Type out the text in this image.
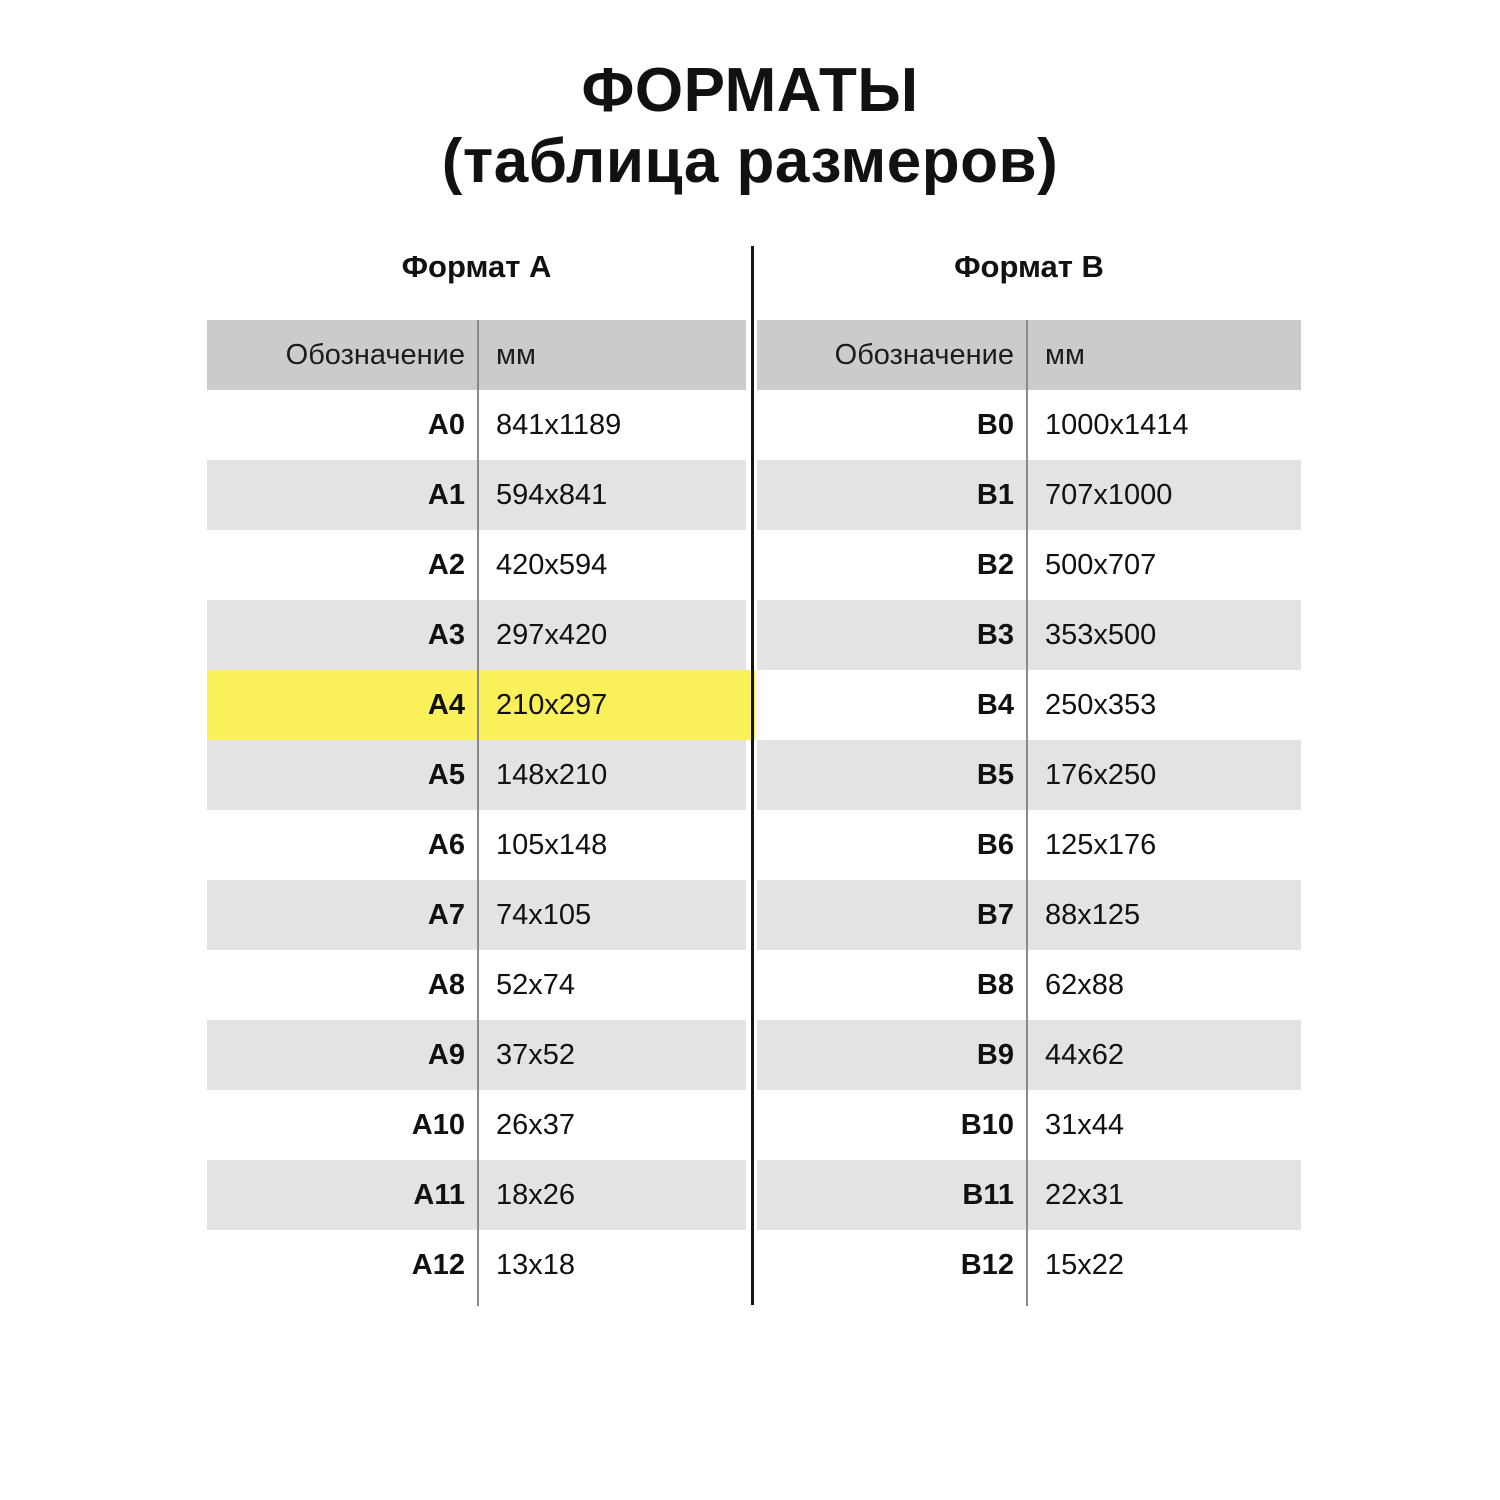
ФОРМАТЫ
(таблица размеров)
Формат А	Формат B
Обозначение	мм
A0	841x1189
A1	594x841
A2	420x594
A3	297x420
A4	210x297
A5	148x210
A6	105x148
A7	74x105
A8	52x74
A9	37x52
A10	26x37
A11	18x26
A12	13x18
Обозначение	мм
B0	1000x1414
B1	707x1000
B2	500x707
B3	353x500
B4	250x353
B5	176x250
B6	125x176
B7	88x125
B8	62x88
B9	44x62
B10	31x44
B11	22x31
B12	15x22
